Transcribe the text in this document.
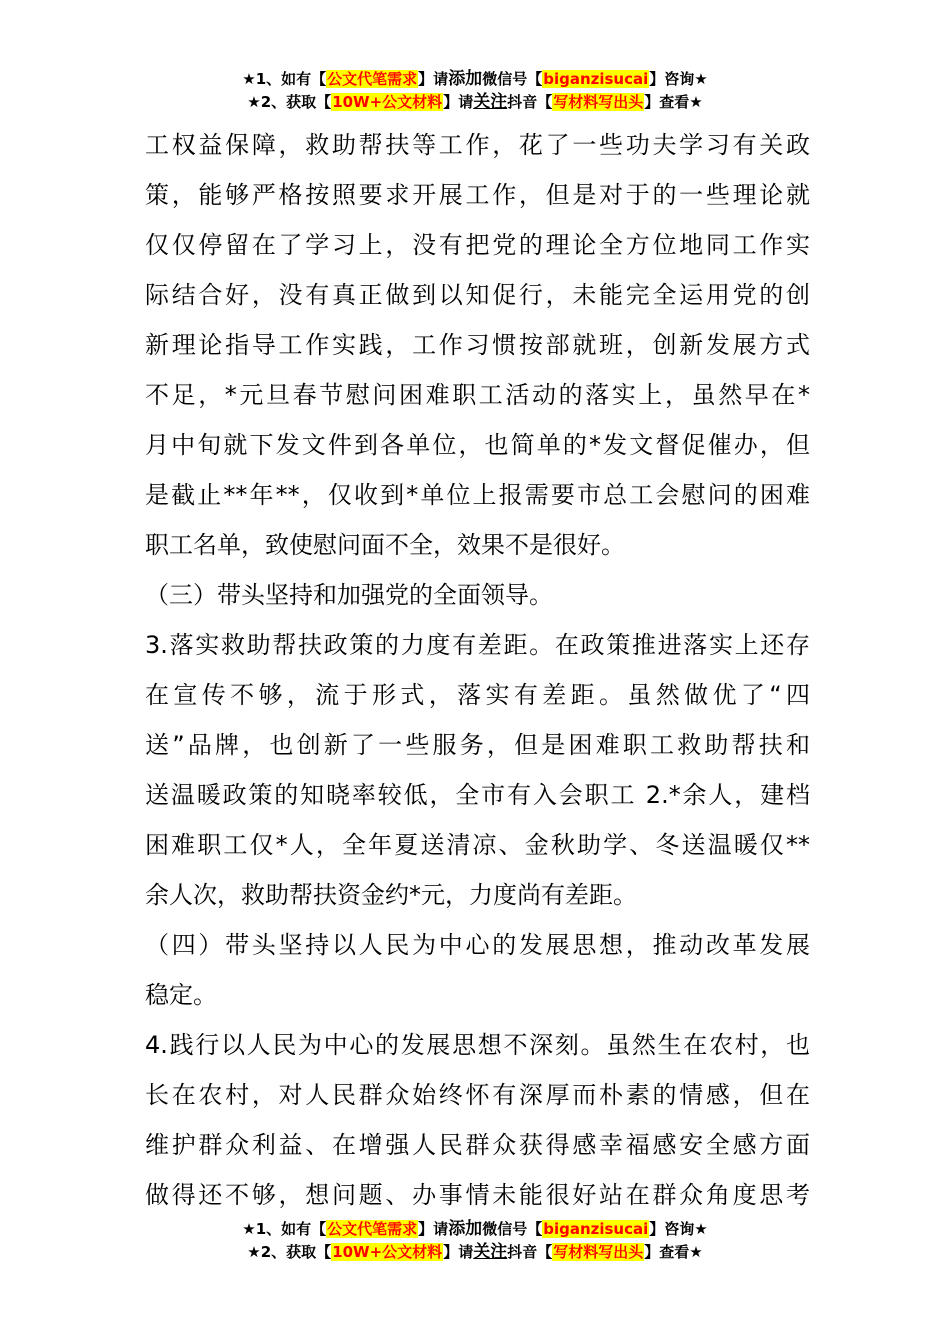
★1、如有【公文代笔需求】请添加微信号【biganzisucai】咨询★
★2、获取【10W+公文材料】请关注抖音【写材料写出头】查看★
工权益保障，救助帮扶等工作，花了一些功夫学习有关政
策，能够严格按照要求开展工作，但是对于的一些理论就
仅仅停留在了学习上，没有把党的理论全方位地同工作实
际结合好，没有真正做到以知促行，未能完全运用党的创
新理论指导工作实践，工作习惯按部就班，创新发展方式
不足，*元旦春节慰问困难职工活动的落实上，虽然早在*
月中旬就下发文件到各单位，也简单的*发文督促催办，但
是截止**年**，仅收到*单位上报需要市总工会慰问的困难
职工名单，致使慰问面不全，效果不是很好。
（三）带头坚持和加强党的全面领导。
3.落实救助帮扶政策的力度有差距。在政策推进落实上还存
在宣传不够，流于形式，落实有差距。虽然做优了“四
送”品牌，也创新了一些服务，但是困难职工救助帮扶和
送温暖政策的知晓率较低，全市有入会职工 2.*余人，建档
困难职工仅*人，全年夏送清凉、金秋助学、冬送温暖仅**
余人次，救助帮扶资金约*元，力度尚有差距。
（四）带头坚持以人民为中心的发展思想，推动改革发展
稳定。
4.践行以人民为中心的发展思想不深刻。虽然生在农村，也
长在农村，对人民群众始终怀有深厚而朴素的情感，但在
维护群众利益、在增强人民群众获得感幸福感安全感方面
做得还不够，想问题、办事情未能很好站在群众角度思考
★1、如有【公文代笔需求】请添加微信号【biganzisucai】咨询★
★2、获取【10W+公文材料】请关注抖音【写材料写出头】查看★
